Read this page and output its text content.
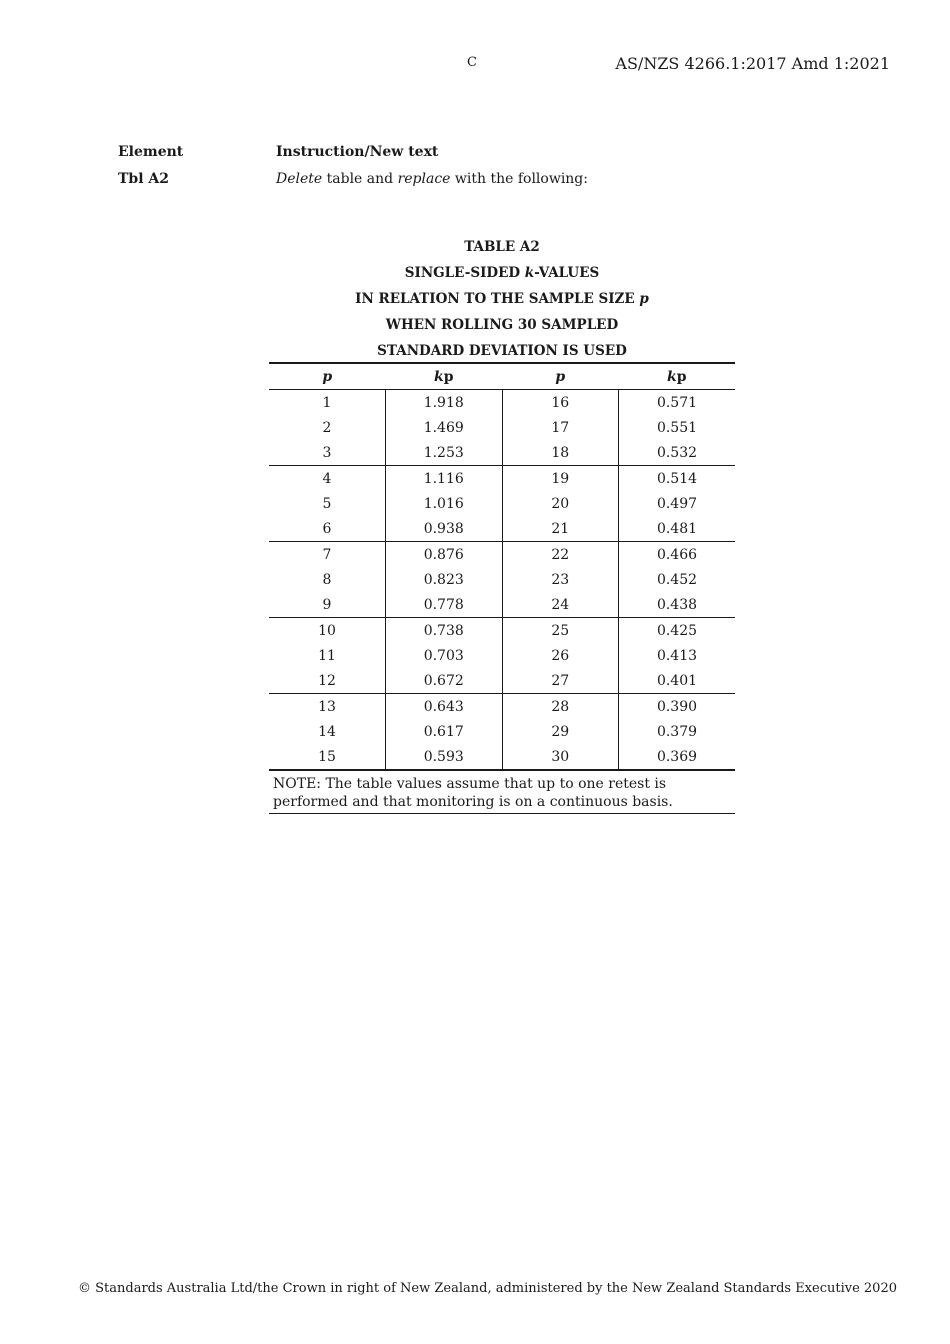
C	AS/NZS 4266.1:2017 Amd 1:2021
Element	Instruction/New text
Tbl A2	Delete table and replace with the following:
TABLE A2
SINGLE-SIDED k-VALUES
IN RELATION TO THE SAMPLE SIZE p
WHEN ROLLING 30 SAMPLED
STANDARD DEVIATION IS USED
p	kp	p	kp
1	1.918	16	0.571
2	1.469	17	0.551
3	1.253	18	0.532
4	1.116	19	0.514
5	1.016	20	0.497
6	0.938	21	0.481
7	0.876	22	0.466
8	0.823	23	0.452
9	0.778	24	0.438
10	0.738	25	0.425
11	0.703	26	0.413
12	0.672	27	0.401
13	0.643	28	0.390
14	0.617	29	0.379
15	0.593	30	0.369
NOTE: The table values assume that up to one retest is performed and that monitoring is on a continuous basis.			
© Standards Australia Ltd/the Crown in right of New Zealand, administered by the New Zealand Standards Executive 2020
